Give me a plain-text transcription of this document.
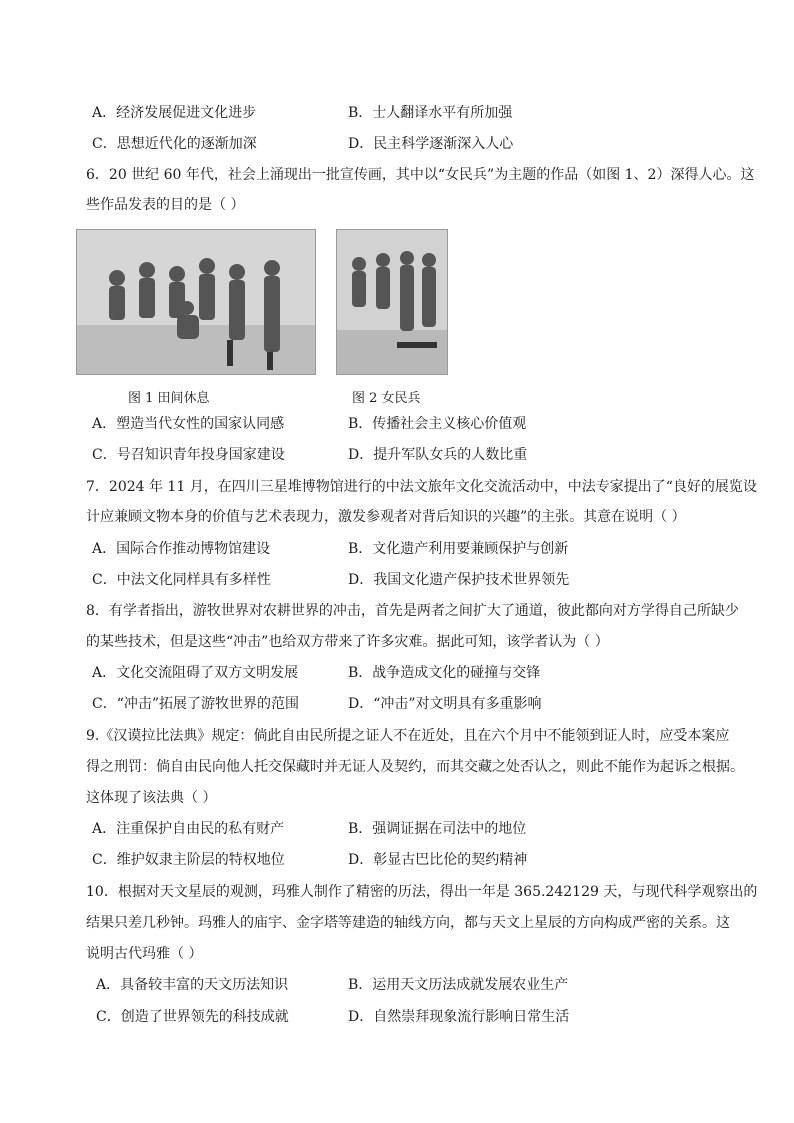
A．经济发展促进文化进步	B．士人翻译水平有所加强
C．思想近代化的逐渐加深	D．民主科学逐渐深入人心
6．20 世纪 60 年代，社会上涌现出一批宣传画，其中以“女民兵”为主题的作品（如图 1、2）深得人心。这
些作品发表的目的是（ ）
图 1 田间休息	图 2 女民兵
A．塑造当代女性的国家认同感	B．传播社会主义核心价值观
C．号召知识青年投身国家建设	D．提升军队女兵的人数比重
7．2024 年 11 月，在四川三星堆博物馆进行的中法文旅年文化交流活动中，中法专家提出了“良好的展览设
计应兼顾文物本身的价值与艺术表现力，激发参观者对背后知识的兴趣”的主张。其意在说明（ ）
A．国际合作推动博物馆建设	B．文化遗产利用要兼顾保护与创新
C．中法文化同样具有多样性	D．我国文化遗产保护技术世界领先
8．有学者指出，游牧世界对农耕世界的冲击，首先是两者之间扩大了通道，彼此都向对方学得自己所缺少
的某些技术，但是这些“冲击”也给双方带来了许多灾难。据此可知，该学者认为（ ）
A．文化交流阻碍了双方文明发展	B．战争造成文化的碰撞与交锋
C．“冲击”拓展了游牧世界的范围	D．“冲击”对文明具有多重影响
9.《汉谟拉比法典》规定：倘此自由民所提之证人不在近处，且在六个月中不能领到证人时，应受本案应
得之刑罚：倘自由民向他人托交保藏时并无证人及契约，而其交藏之处否认之，则此不能作为起诉之根据。
这体现了该法典（ ）
A．注重保护自由民的私有财产	B．强调证据在司法中的地位
C．维护奴隶主阶层的特权地位	D．彰显古巴比伦的契约精神
10．根据对天文星辰的观测，玛雅人制作了精密的历法，得出一年是 365.242129 天，与现代科学观察出的
结果只差几秒钟。玛雅人的庙宇、金字塔等建造的轴线方向，都与天文上星辰的方向构成严密的关系。这
说明古代玛雅（ ）
A．具备较丰富的天文历法知识	B．运用天文历法成就发展农业生产
C．创造了世界领先的科技成就	D．自然崇拜现象流行影响日常生活
